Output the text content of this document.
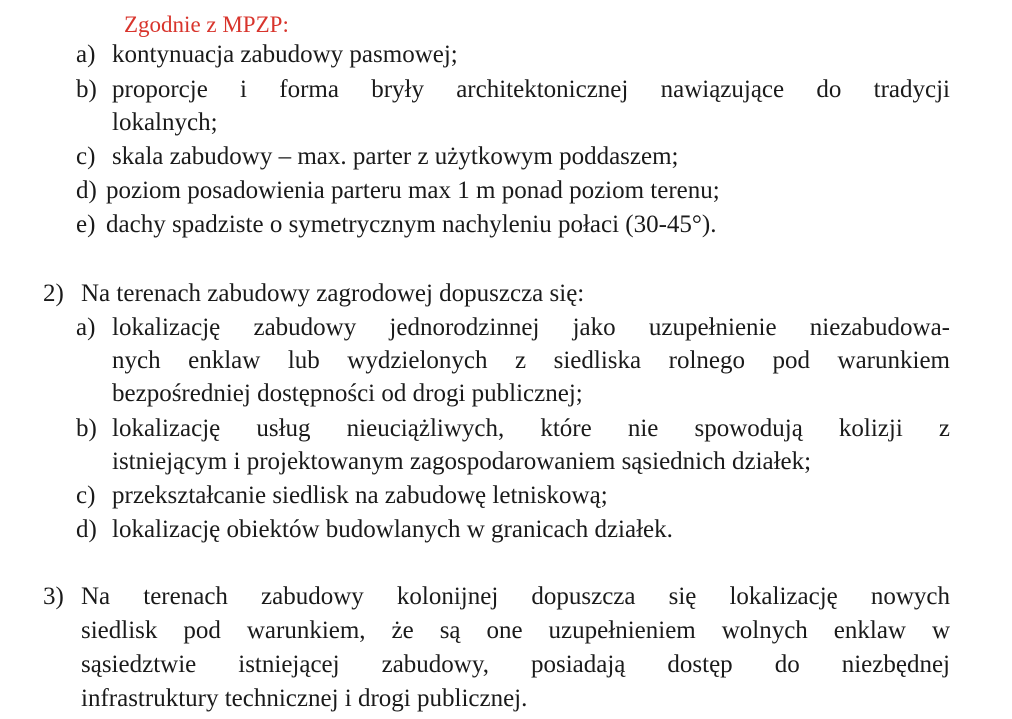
Zgodnie z MPZP:
a) kontynuacja zabudowy pasmowej;
b) proporcje i forma bryły architektonicznej nawiązujące do tradycji
lokalnych;
c) skala zabudowy – max. parter z użytkowym poddaszem;
d) poziom posadowienia parteru max 1 m ponad poziom terenu;
e) dachy spadziste o symetrycznym nachyleniu połaci (30-45°).
2) Na terenach zabudowy zagrodowej dopuszcza się:
a) lokalizację zabudowy jednorodzinnej jako uzupełnienie niezabudowa-
nych enklaw lub wydzielonych z siedliska rolnego pod warunkiem
bezpośredniej dostępności od drogi publicznej;
b) lokalizację usług nieuciążliwych, które nie spowodują kolizji z
istniejącym i projektowanym zagospodarowaniem sąsiednich działek;
c) przekształcanie siedlisk na zabudowę letniskową;
d) lokalizację obiektów budowlanych w granicach działek.
3) Na terenach zabudowy kolonijnej dopuszcza się lokalizację nowych
siedlisk pod warunkiem, że są one uzupełnieniem wolnych enklaw w
sąsiedztwie istniejącej zabudowy, posiadają dostęp do niezbędnej
infrastruktury technicznej i drogi publicznej.
